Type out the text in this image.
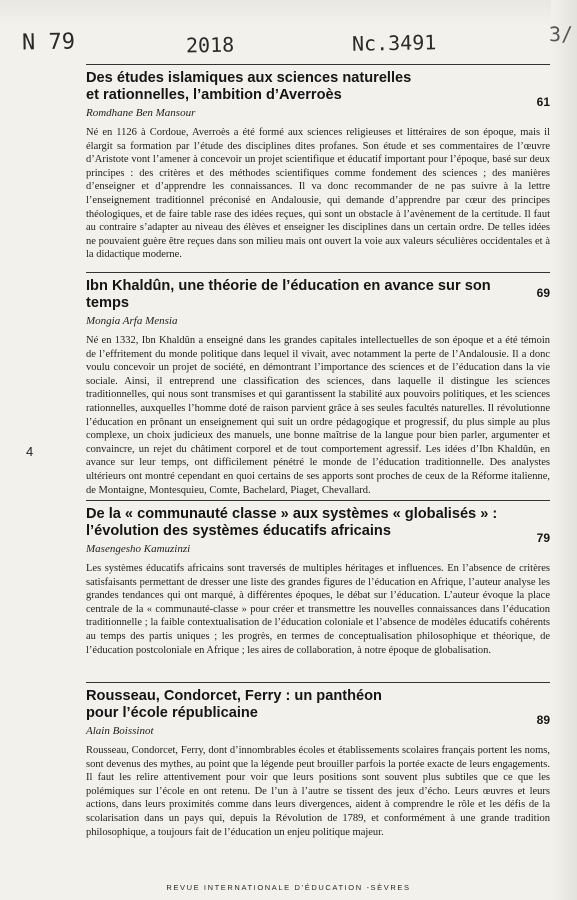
N 79	2018	Nc.3491	3/
4
Des études islamiques aux sciences naturelles
et rationnelles, l’ambition d’Averroès	61

Romdhane Ben Mansour

Né en 1126 à Cordoue, Averroès a été formé aux sciences religieuses et littéraires de son époque, mais il élargit sa formation par l’étude des disciplines dites profanes. Son étude et ses commentaires de l’œuvre d’Aristote vont l’amener à concevoir un projet scientifique et éducatif important pour l’époque, basé sur deux principes : des critères et des méthodes scientifiques comme fondement des sciences ; des manières d’enseigner et d’apprendre les connaissances. Il va donc recommander de ne pas suivre à la lettre l’enseignement traditionnel préconisé en Andalousie, qui demande d’apprendre par cœur des principes théologiques, et de faire table rase des idées reçues, qui sont un obstacle à l’avènement de la certitude. Il faut au contraire s’adapter au niveau des élèves et enseigner les disciplines dans un certain ordre. De telles idées ne pouvaient guère être reçues dans son milieu mais ont ouvert la voie aux valeurs séculières occidentales et à la didactique moderne.

Ibn Khaldûn, une théorie de l’éducation en avance sur son temps
69

Mongia Arfa Mensia

Né en 1332, Ibn Khaldûn a enseigné dans les grandes capitales intellectuelles de son époque et a été témoin de l’effritement du monde politique dans lequel il vivait, avec notamment la perte de l’Andalousie. Il a donc voulu concevoir un projet de société, en démontrant l’importance des sciences et de l’éducation dans la vie sociale. Ainsi, il entreprend une classification des sciences, dans laquelle il distingue les sciences traditionnelles, qui nous sont transmises et qui garantissent la stabilité aux pouvoirs politiques, et les sciences rationnelles, auxquelles l’homme doté de raison parvient grâce à ses seules facultés naturelles. Il révolutionne l’éducation en prônant un enseignement qui suit un ordre pédagogique et progressif, du plus simple au plus complexe, un choix judicieux des manuels, une bonne maîtrise de la langue pour bien parler, argumenter et convaincre, un rejet du châtiment corporel et de tout comportement agressif. Les idées d’Ibn Khaldûn, en avance sur leur temps, ont difficilement pénétré le monde de l’éducation traditionnelle. Des analystes ultérieurs ont montré cependant en quoi certains de ses apports sont proches de ceux de la Réforme italienne, de Montaigne, Montesquieu, Comte, Bachelard, Piaget, Chevallard.

De la « communauté classe » aux systèmes « globalisés » :
l’évolution des systèmes éducatifs africains	79

Masengesho Kamuzinzi

Les systèmes éducatifs africains sont traversés de multiples héritages et influences. En l’absence de critères satisfaisants permettant de dresser une liste des grandes figures de l’éducation en Afrique, l’auteur analyse les grandes tendances qui ont marqué, à différentes époques, le débat sur l’éducation. L’auteur évoque la place centrale de la « communauté-classe » pour créer et transmettre les nouvelles connaissances dans l’éducation traditionnelle ; la faible contextualisation de l’éducation coloniale et l’absence de modèles éducatifs cohérents au temps des partis uniques ; les progrès, en termes de conceptualisation philosophique et théorique, de l’éducation postcoloniale en Afrique ; les aires de collaboration, à notre époque de globalisation.

Rousseau, Condorcet, Ferry : un panthéon
pour l’école républicaine	89

Alain Boissinot

Rousseau, Condorcet, Ferry, dont d’innombrables écoles et établissements scolaires français portent les noms, sont devenus des mythes, au point que la légende peut brouiller parfois la portée exacte de leurs engagements. Il faut les relire attentivement pour voir que leurs positions sont souvent plus subtiles que ce que les polémiques sur l’école en ont retenu. De l’un à l’autre se tissent des jeux d’écho. Leurs œuvres et leurs actions, dans leurs proximités comme dans leurs divergences, aident à comprendre le rôle et les défis de la scolarisation dans un pays qui, depuis la Révolution de 1789, et conformément à une grande tradition philosophique, a toujours fait de l’éducation un enjeu politique majeur.

REVUE INTERNATIONALE D’ÉDUCATION -SÈVRES
